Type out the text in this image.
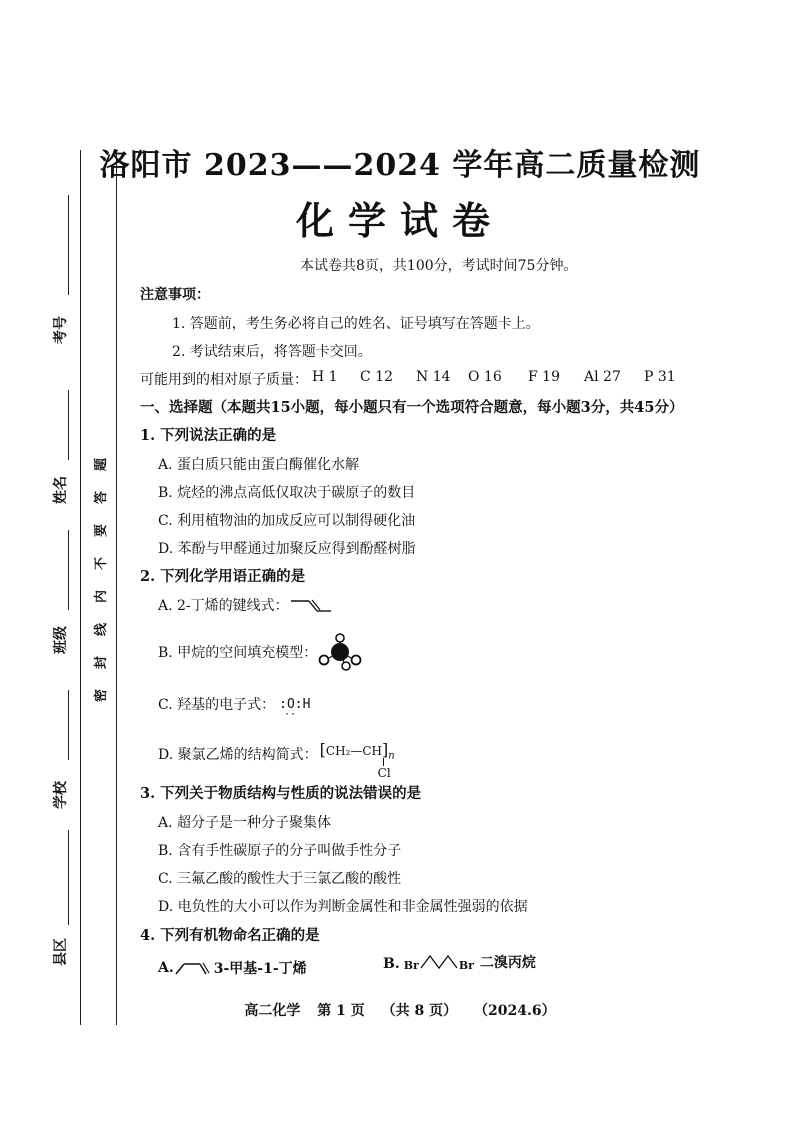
考号
姓名
班级
学校
县区
密
封
线
内
不
要
答
题
洛阳市 2023——2024 学年高二质量检测
化学试卷
本试卷共8页，共100分，考试时间75分钟。
注意事项：
1. 答题前，考生务必将自己的姓名、证号填写在答题卡上。
2. 考试结束后，将答题卡交回。
可能用到的相对原子质量： H 1	C 12	N 14	O 16	F 19	Al 27	P 31
一、选择题（本题共15小题，每小题只有一个选项符合题意，每小题3分，共45分）
1. 下列说法正确的是
A. 蛋白质只能由蛋白酶催化水解
B. 烷烃的沸点高低仅取决于碳原子的数目
C. 利用植物油的加成反应可以制得硬化油
D. 苯酚与甲醛通过加聚反应得到酚醛树脂
2. 下列化学用语正确的是
A. 2-丁烯的键线式：
B. 甲烷的空间填充模型：
C. 羟基的电子式： :O:H
··
D. 聚氯乙烯的结构简式： $[CH_2—CH]_n$
Cl
3. 下列关于物质结构与性质的说法错误的是
A. 超分子是一种分子聚集体
B. 含有手性碳原子的分子叫做手性分子
C. 三氟乙酸的酸性大于三氯乙酸的酸性
D. 电负性的大小可以作为判断金属性和非金属性强弱的依据
4. 下列有机物命名正确的是
A.	3-甲基-1-丁烯	B. Br	Br 二溴丙烷
高二化学 第 1 页 （共 8 页） （2024.6）
